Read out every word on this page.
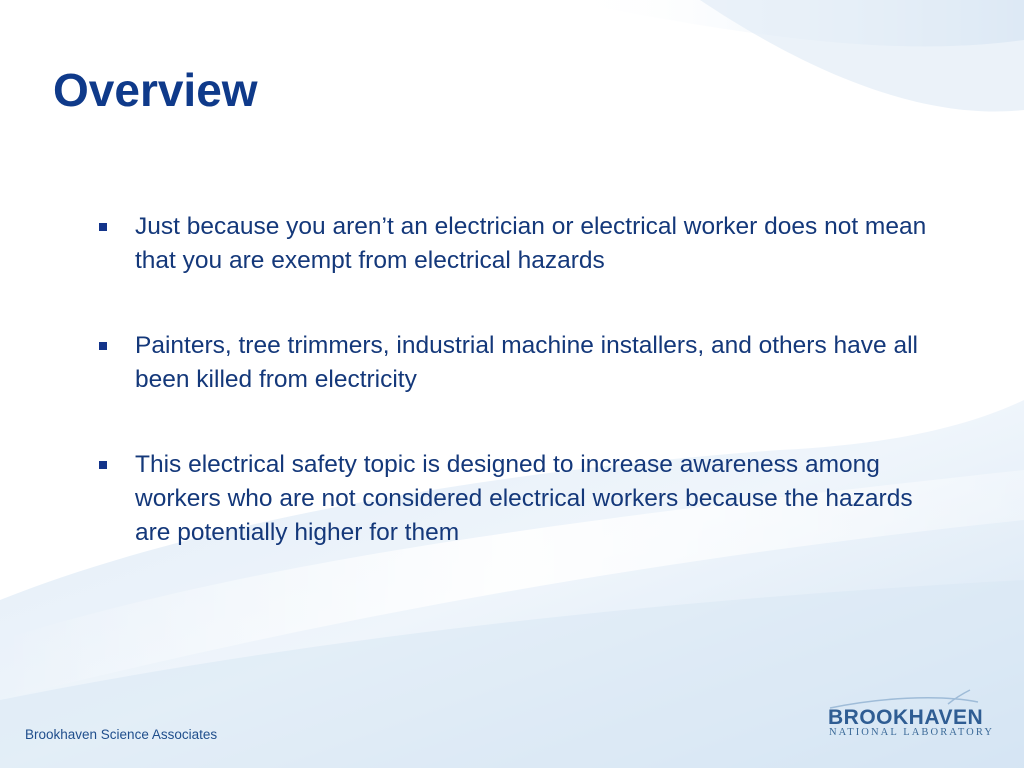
Overview
Just because you aren’t an electrician or electrical worker does not mean that you are exempt from electrical hazards
Painters, tree trimmers, industrial machine installers, and others have all been killed from electricity
This electrical safety topic is designed to increase awareness among workers who are not considered electrical workers because the hazards are potentially higher for them
Brookhaven Science Associates
BROOKHAVEN
NATIONAL LABORATORY
